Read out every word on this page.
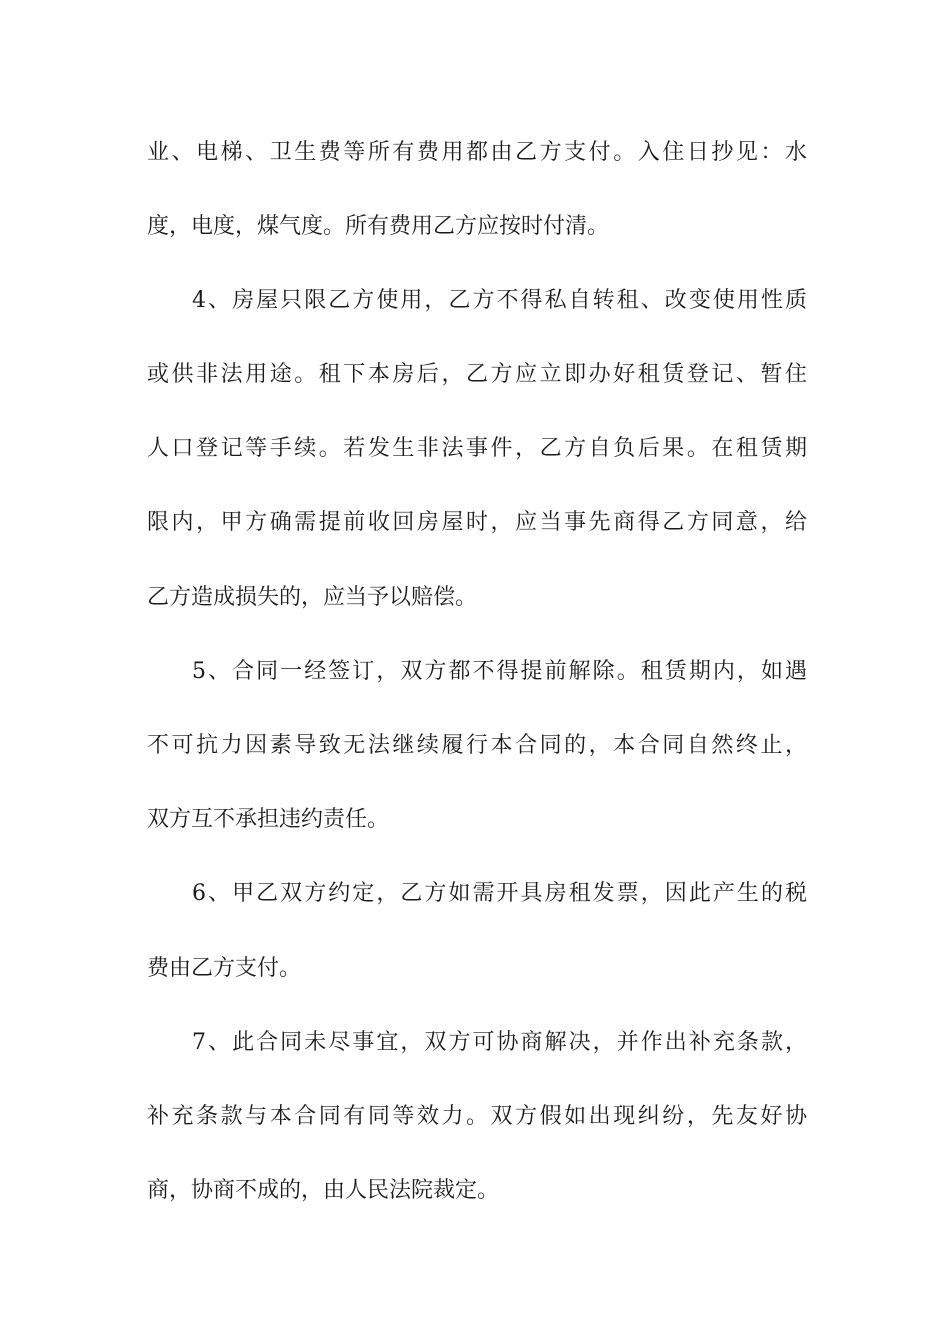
业、电梯、卫生费等所有费用都由乙方支付。入住日抄见：水
度，电度，煤气度。所有费用乙方应按时付清。
4、房屋只限乙方使用，乙方不得私自转租、改变使用性质
或供非法用途。租下本房后，乙方应立即办好租赁登记、暂住
人口登记等手续。若发生非法事件，乙方自负后果。在租赁期
限内，甲方确需提前收回房屋时，应当事先商得乙方同意，给
乙方造成损失的，应当予以赔偿。
5、合同一经签订，双方都不得提前解除。租赁期内，如遇
不可抗力因素导致无法继续履行本合同的，本合同自然终止，
双方互不承担违约责任。
6、甲乙双方约定，乙方如需开具房租发票，因此产生的税
费由乙方支付。
7、此合同未尽事宜，双方可协商解决，并作出补充条款，
补充条款与本合同有同等效力。双方假如出现纠纷，先友好协
商，协商不成的，由人民法院裁定。
